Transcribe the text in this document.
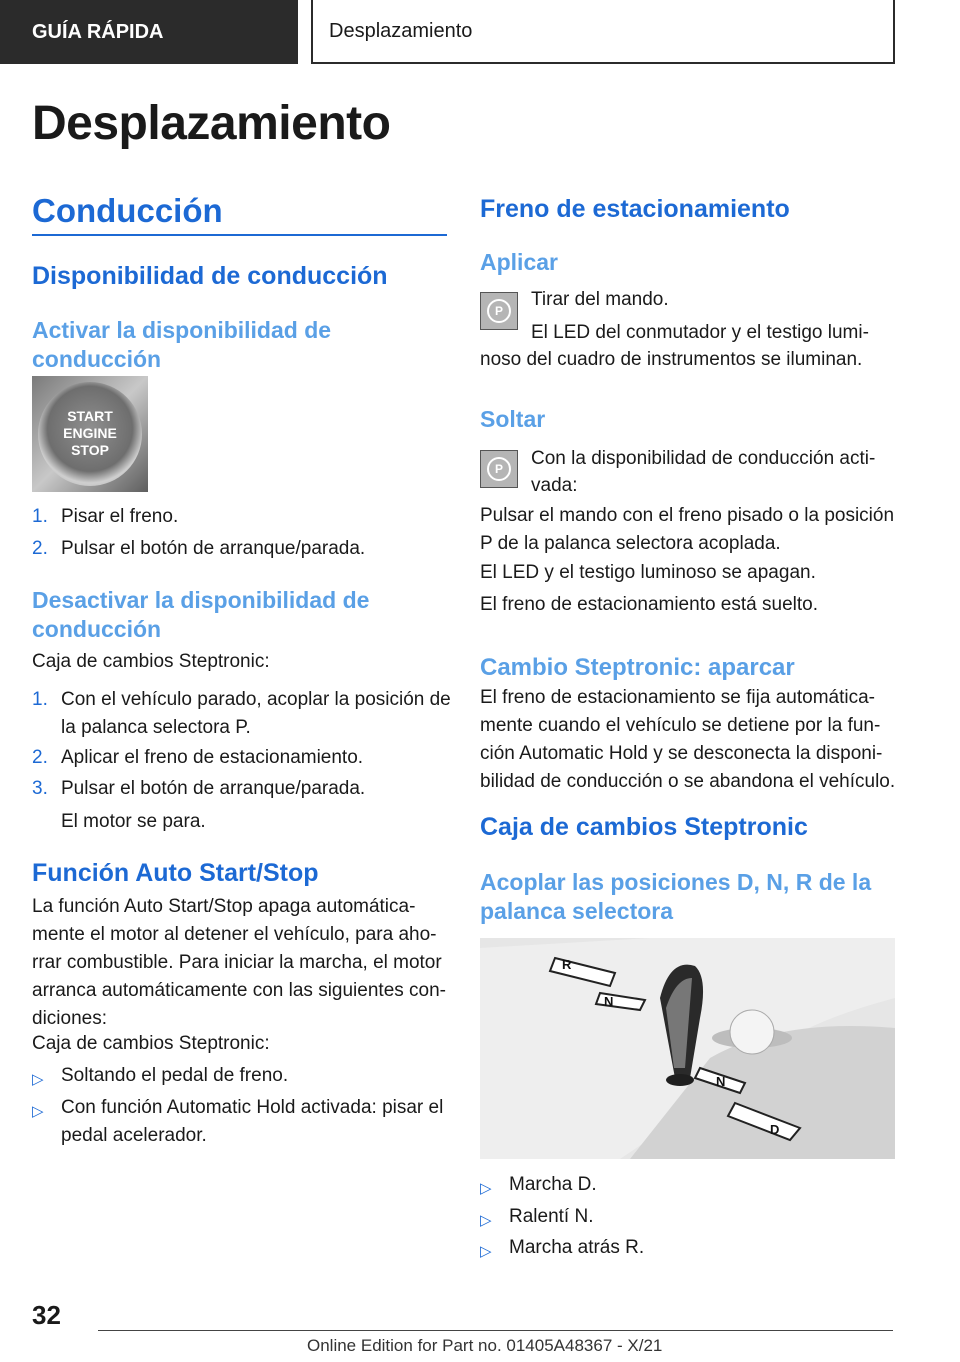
GUÍA RÁPIDA	Desplazamiento
Desplazamiento
Conducción
Disponibilidad de conducción
Activar la disponibilidad de
conducción
START
ENGINE
STOP
1. Pisar el freno.
2. Pulsar el botón de arranque/parada.
Desactivar la disponibilidad de
conducción

Caja de cambios Steptronic:

1. Con el vehículo parado, acoplar la posición de
la palanca selectora P.
2. Aplicar el freno de estacionamiento.
3. Pulsar el botón de arranque/parada.

El motor se para.

Función Auto Start/Stop
La función Auto Start/Stop apaga automática‐
mente el motor al detener el vehículo, para aho‐
rrar combustible. Para iniciar la marcha, el motor
arranca automáticamente con las siguientes con‐
diciones:

Caja de cambios Steptronic:

▷ Soltando el pedal de freno.
▷ Con función Automatic Hold activada: pisar el
pedal acelerador.
Freno de estacionamiento
Aplicar
P

Tirar del mando.

El LED del conmutador y el testigo lumi‐

noso del cuadro de instrumentos se iluminan.

Soltar
P	Con la disponibilidad de conducción acti‐

vada:

Pulsar el mando con el freno pisado o la posición
P de la palanca selectora acoplada.

El LED y el testigo luminoso se apagan.

El freno de estacionamiento está suelto.

Cambio Steptronic: aparcar
El freno de estacionamiento se fija automática‐
mente cuando el vehículo se detiene por la fun‐
ción Automatic Hold y se desconecta la disponi‐
bilidad de conducción o se abandona el vehículo.
Caja de cambios Steptronic
Acoplar las posiciones D, N, R de la
palanca selectora
R
N
N
D
▷ Marcha D.
▷ Ralentí N.
▷ Marcha atrás R.
32
Online Edition for Part no. 01405A48367 - X/21
